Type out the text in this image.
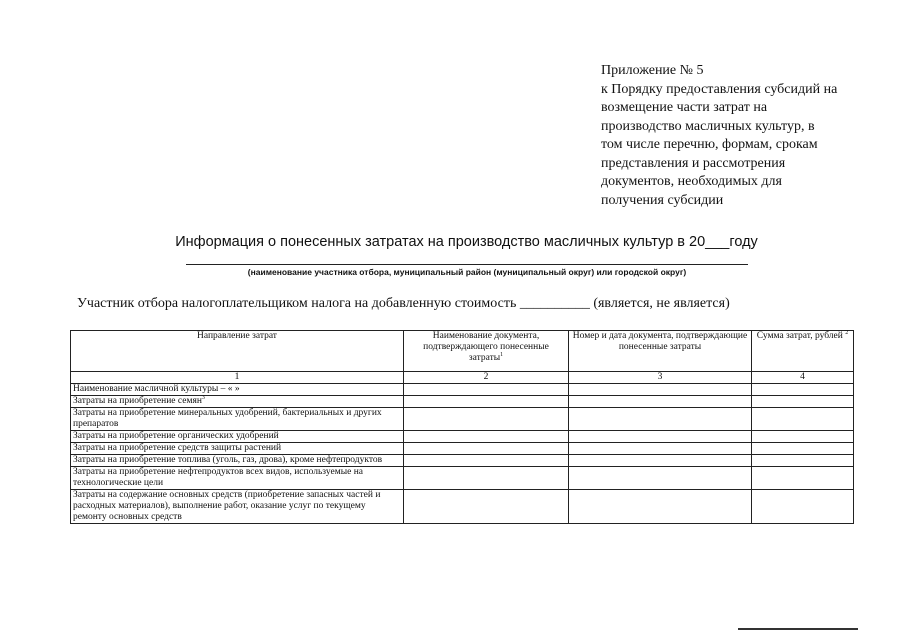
Приложение № 5
к Порядку предоставления субсидий на
возмещение части затрат на
производство масличных культур, в
том числе перечню, формам, срокам
представления и рассмотрения
документов, необходимых для
получения субсидии
Информация о понесенных затратах на производство масличных культур в 20___году
(наименование участника отбора, муниципальный район (муниципальный округ) или городской округ)
Участник отбора налогоплательщиком налога на добавленную стоимость __________ (является, не является)
Направление затрат	Наименование документа, подтверждающего понесенные затраты$^1$	Номер и дата документа, подтверждающие понесенные затраты	Сумма затрат, рублей $^2$
1	2	3	4
Наименование масличной культуры – « »			
Затраты на приобретение семян$^3$			
Затраты на приобретение минеральных удобрений, бактериальных и других препаратов			
Затраты на приобретение органических удобрений			
Затраты на приобретение средств защиты растений			
Затраты на приобретение топлива (уголь, газ, дрова), кроме нефтепродуктов			
Затраты на приобретение нефтепродуктов всех видов, используемые на технологические цели			
Затраты на содержание основных средств (приобретение запасных частей и расходных материалов), выполнение работ, оказание услуг по текущему ремонту основных средств			
